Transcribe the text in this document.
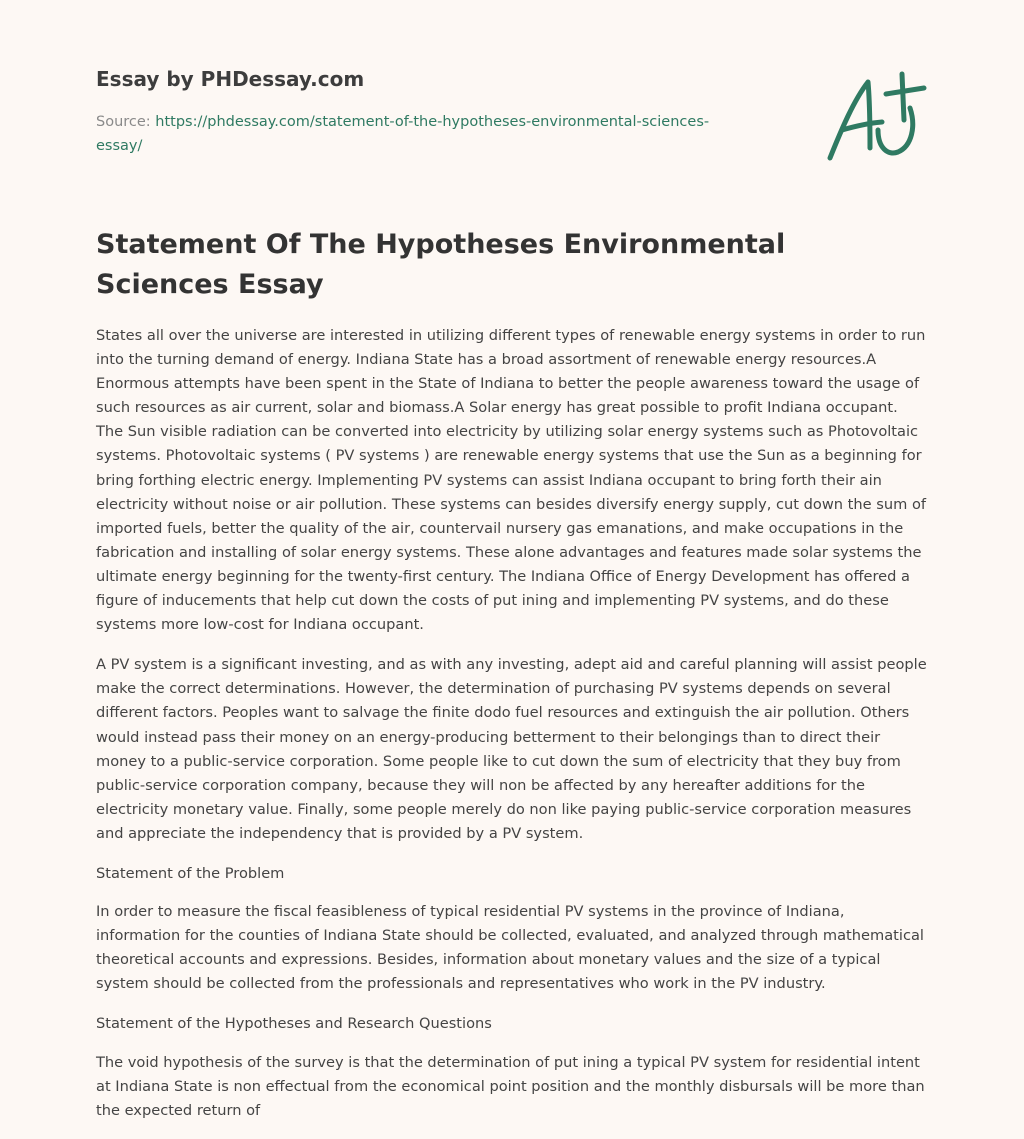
Essay by PHDessay.com
Source: https://phdessay.com/statement-of-the-hypotheses-environmental-sciences-essay/
Statement Of The Hypotheses Environmental Sciences Essay

States all over the universe are interested in utilizing different types of renewable energy systems in order to run into the turning demand of energy. Indiana State has a broad assortment of renewable energy resources.A Enormous attempts have been spent in the State of Indiana to better the people awareness toward the usage of such resources as air current, solar and biomass.A Solar energy has great possible to profit Indiana occupant. The Sun visible radiation can be converted into electricity by utilizing solar energy systems such as Photovoltaic systems. Photovoltaic systems ( PV systems ) are renewable energy systems that use the Sun as a beginning for bring forthing electric energy. Implementing PV systems can assist Indiana occupant to bring forth their ain electricity without noise or air pollution. These systems can besides diversify energy supply, cut down the sum of imported fuels, better the quality of the air, countervail nursery gas emanations, and make occupations in the fabrication and installing of solar energy systems. These alone advantages and features made solar systems the ultimate energy beginning for the twenty-first century. The Indiana Office of Energy Development has offered a figure of inducements that help cut down the costs of put ining and implementing PV systems, and do these systems more low-cost for Indiana occupant.

A PV system is a significant investing, and as with any investing, adept aid and careful planning will assist people make the correct determinations. However, the determination of purchasing PV systems depends on several different factors. Peoples want to salvage the finite dodo fuel resources and extinguish the air pollution. Others would instead pass their money on an energy-producing betterment to their belongings than to direct their money to a public-service corporation. Some people like to cut down the sum of electricity that they buy from public-service corporation company, because they will non be affected by any hereafter additions for the electricity monetary value. Finally, some people merely do non like paying public-service corporation measures and appreciate the independency that is provided by a PV system.

Statement of the Problem

In order to measure the fiscal feasibleness of typical residential PV systems in the province of Indiana, information for the counties of Indiana State should be collected, evaluated, and analyzed through mathematical theoretical accounts and expressions. Besides, information about monetary values and the size of a typical system should be collected from the professionals and representatives who work in the PV industry.

Statement of the Hypotheses and Research Questions

The void hypothesis of the survey is that the determination of put ining a typical PV system for residential intent at Indiana State is non effectual from the economical point position and the monthly disbursals will be more than the expected return of
